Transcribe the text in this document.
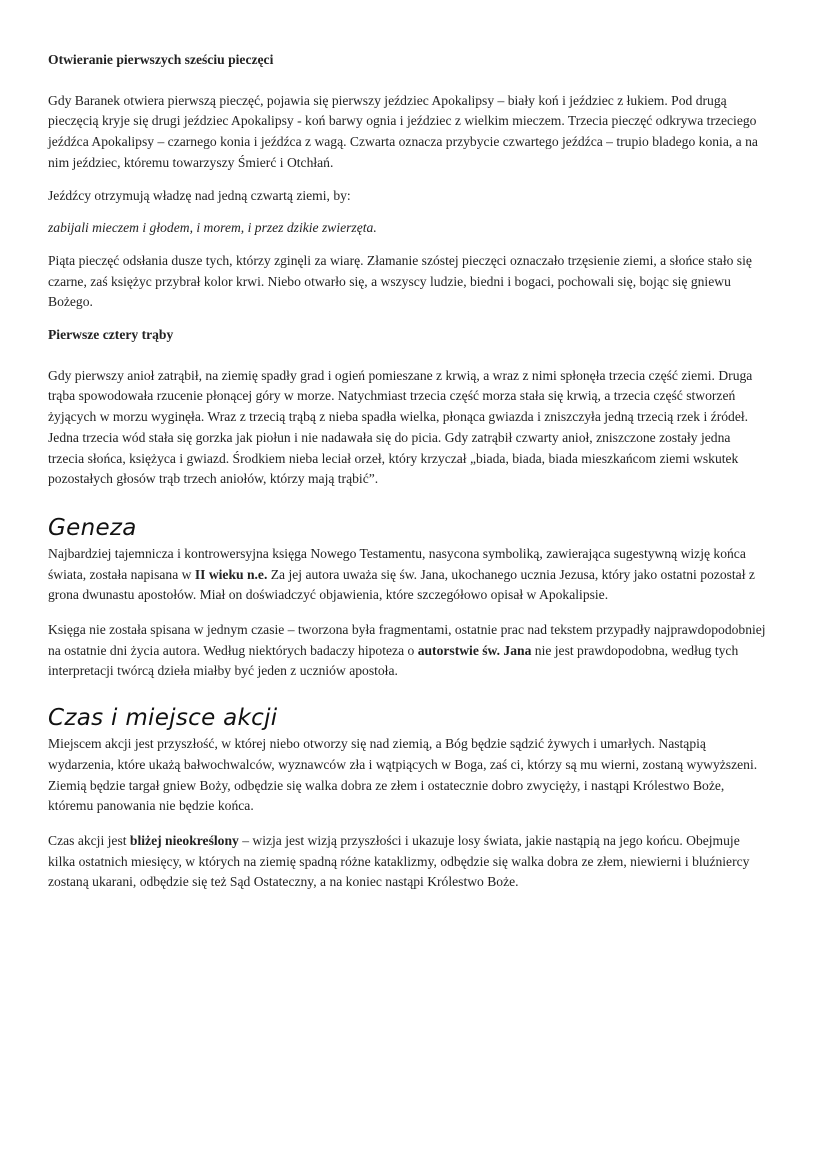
Otwieranie pierwszych sześciu pieczęci

Gdy Baranek otwiera pierwszą pieczęć, pojawia się pierwszy jeździec Apokalipsy – biały koń i jeździec z łukiem. Pod drugą pieczęcią kryje się drugi jeździec Apokalipsy - koń barwy ognia i jeździec z wielkim mieczem. Trzecia pieczęć odkrywa trzeciego jeźdźca Apokalipsy – czarnego konia i jeźdźca z wagą. Czwarta oznacza przybycie czwartego jeźdźca – trupio bladego konia, a na nim jeździec, któremu towarzyszy Śmierć i Otchłań.

Jeźdźcy otrzymują władzę nad jedną czwartą ziemi, by:

zabijali mieczem i głodem, i morem, i przez dzikie zwierzęta.

Piąta pieczęć odsłania dusze tych, którzy zginęli za wiarę. Złamanie szóstej pieczęci oznaczało trzęsienie ziemi, a słońce stało się czarne, zaś księżyc przybrał kolor krwi. Niebo otwarło się, a wszyscy ludzie, biedni i bogaci, pochowali się, bojąc się gniewu Bożego.

Pierwsze cztery trąby

Gdy pierwszy anioł zatrąbił, na ziemię spadły grad i ogień pomieszane z krwią, a wraz z nimi spłonęła trzecia część ziemi. Druga trąba spowodowała rzucenie płonącej góry w morze. Natychmiast trzecia część morza stała się krwią, a trzecia część stworzeń żyjących w morzu wyginęła. Wraz z trzecią trąbą z nieba spadła wielka, płonąca gwiazda i zniszczyła jedną trzecią rzek i źródeł. Jedna trzecia wód stała się gorzka jak piołun i nie nadawała się do picia. Gdy zatrąbił czwarty anioł, zniszczone zostały jedna trzecia słońca, księżyca i gwiazd. Środkiem nieba leciał orzeł, który krzyczał „biada, biada, biada mieszkańcom ziemi wskutek pozostałych głosów trąb trzech aniołów, którzy mają trąbić”.

Geneza

Najbardziej tajemnicza i kontrowersyjna księga Nowego Testamentu, nasycona symboliką, zawierająca sugestywną wizję końca świata, została napisana w II wieku n.e. Za jej autora uważa się św. Jana, ukochanego ucznia Jezusa, który jako ostatni pozostał z grona dwunastu apostołów. Miał on doświadczyć objawienia, które szczegółowo opisał w Apokalipsie.

Księga nie została spisana w jednym czasie – tworzona była fragmentami, ostatnie prac nad tekstem przypadły najprawdopodobniej na ostatnie dni życia autora. Według niektórych badaczy hipoteza o autorstwie św. Jana nie jest prawdopodobna, według tych interpretacji twórcą dzieła miałby być jeden z uczniów apostoła.

Czas i miejsce akcji

Miejscem akcji jest przyszłość, w której niebo otworzy się nad ziemią, a Bóg będzie sądzić żywych i umarłych. Nastąpią wydarzenia, które ukażą bałwochwalców, wyznawców zła i wątpiących w Boga, zaś ci, którzy są mu wierni, zostaną wywyższeni. Ziemią będzie targał gniew Boży, odbędzie się walka dobra ze złem i ostatecznie dobro zwycięży, i nastąpi Królestwo Boże, któremu panowania nie będzie końca.

Czas akcji jest bliżej nieokreślony – wizja jest wizją przyszłości i ukazuje losy świata, jakie nastąpią na jego końcu. Obejmuje kilka ostatnich miesięcy, w których na ziemię spadną różne kataklizmy, odbędzie się walka dobra ze złem, niewierni i bluźniercy zostaną ukarani, odbędzie się też Sąd Ostateczny, a na koniec nastąpi Królestwo Boże.
